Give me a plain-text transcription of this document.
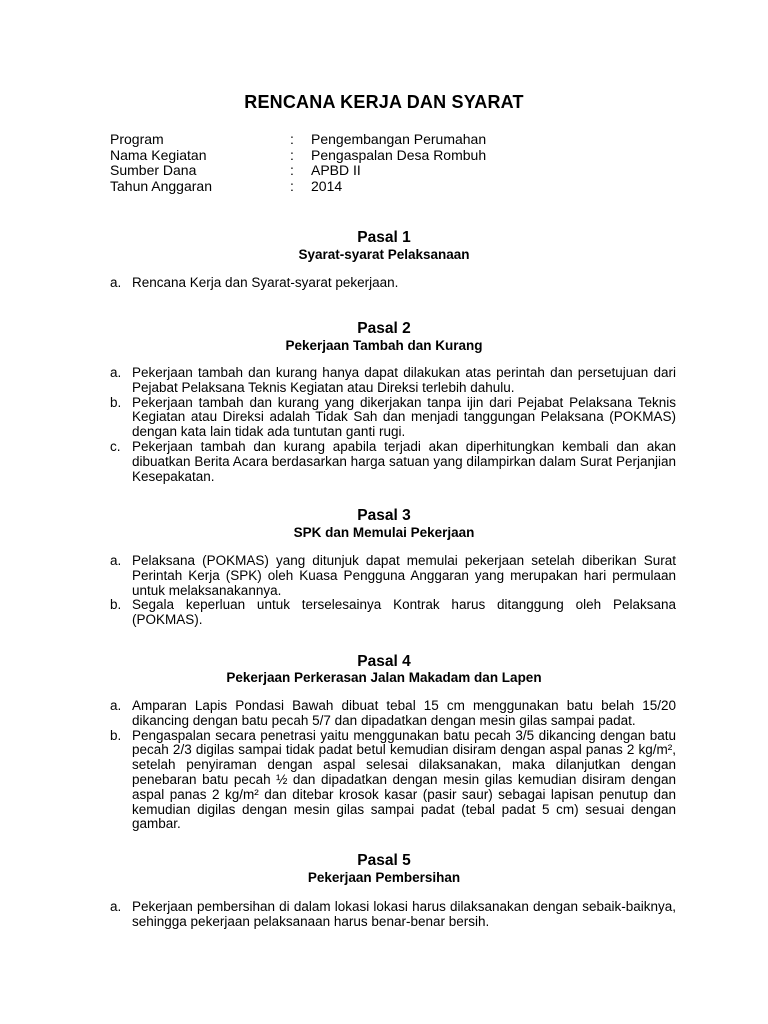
RENCANA KERJA DAN SYARAT
Program	:	Pengembangan Perumahan
Nama Kegiatan	:	Pengaspalan Desa Rombuh
Sumber Dana	:	APBD II
Tahun Anggaran	:	2014
Pasal 1
Syarat-syarat Pelaksanaan
a. Rencana Kerja dan Syarat-syarat pekerjaan.
Pasal 2
Pekerjaan Tambah dan Kurang
a. Pekerjaan tambah dan kurang hanya dapat dilakukan atas perintah dan persetujuan dari Pejabat Pelaksana Teknis Kegiatan atau Direksi terlebih dahulu.
b. Pekerjaan tambah dan kurang yang dikerjakan tanpa ijin dari Pejabat Pelaksana Teknis Kegiatan atau Direksi adalah Tidak Sah dan menjadi tanggungan Pelaksana (POKMAS) dengan kata lain tidak ada tuntutan ganti rugi.
c. Pekerjaan tambah dan kurang apabila terjadi akan diperhitungkan kembali dan akan dibuatkan Berita Acara berdasarkan harga satuan yang dilampirkan dalam Surat Perjanjian Kesepakatan.
Pasal 3
SPK dan Memulai Pekerjaan
a. Pelaksana (POKMAS) yang ditunjuk dapat memulai pekerjaan setelah diberikan Surat Perintah Kerja (SPK) oleh Kuasa Pengguna Anggaran yang merupakan hari permulaan untuk melaksanakannya.
b. Segala keperluan untuk terselesainya Kontrak harus ditanggung oleh Pelaksana (POKMAS).
Pasal 4
Pekerjaan Perkerasan Jalan Makadam dan Lapen
a. Amparan Lapis Pondasi Bawah dibuat tebal 15 cm menggunakan batu belah 15/20 dikancing dengan batu pecah 5/7 dan dipadatkan dengan mesin gilas sampai padat.
b. Pengaspalan secara penetrasi yaitu menggunakan batu pecah 3/5 dikancing dengan batu pecah 2/3 digilas sampai tidak padat betul kemudian disiram dengan aspal panas 2 kg/m², setelah penyiraman dengan aspal selesai dilaksanakan, maka dilanjutkan dengan penebaran batu pecah ½ dan dipadatkan dengan mesin gilas kemudian disiram dengan aspal panas 2 kg/m² dan ditebar krosok kasar (pasir saur) sebagai lapisan penutup dan kemudian digilas dengan mesin gilas sampai padat (tebal padat 5 cm) sesuai dengan gambar.
Pasal 5
Pekerjaan Pembersihan
a. Pekerjaan pembersihan di dalam lokasi lokasi harus dilaksanakan dengan sebaik-baiknya, sehingga pekerjaan pelaksanaan harus benar-benar bersih.
